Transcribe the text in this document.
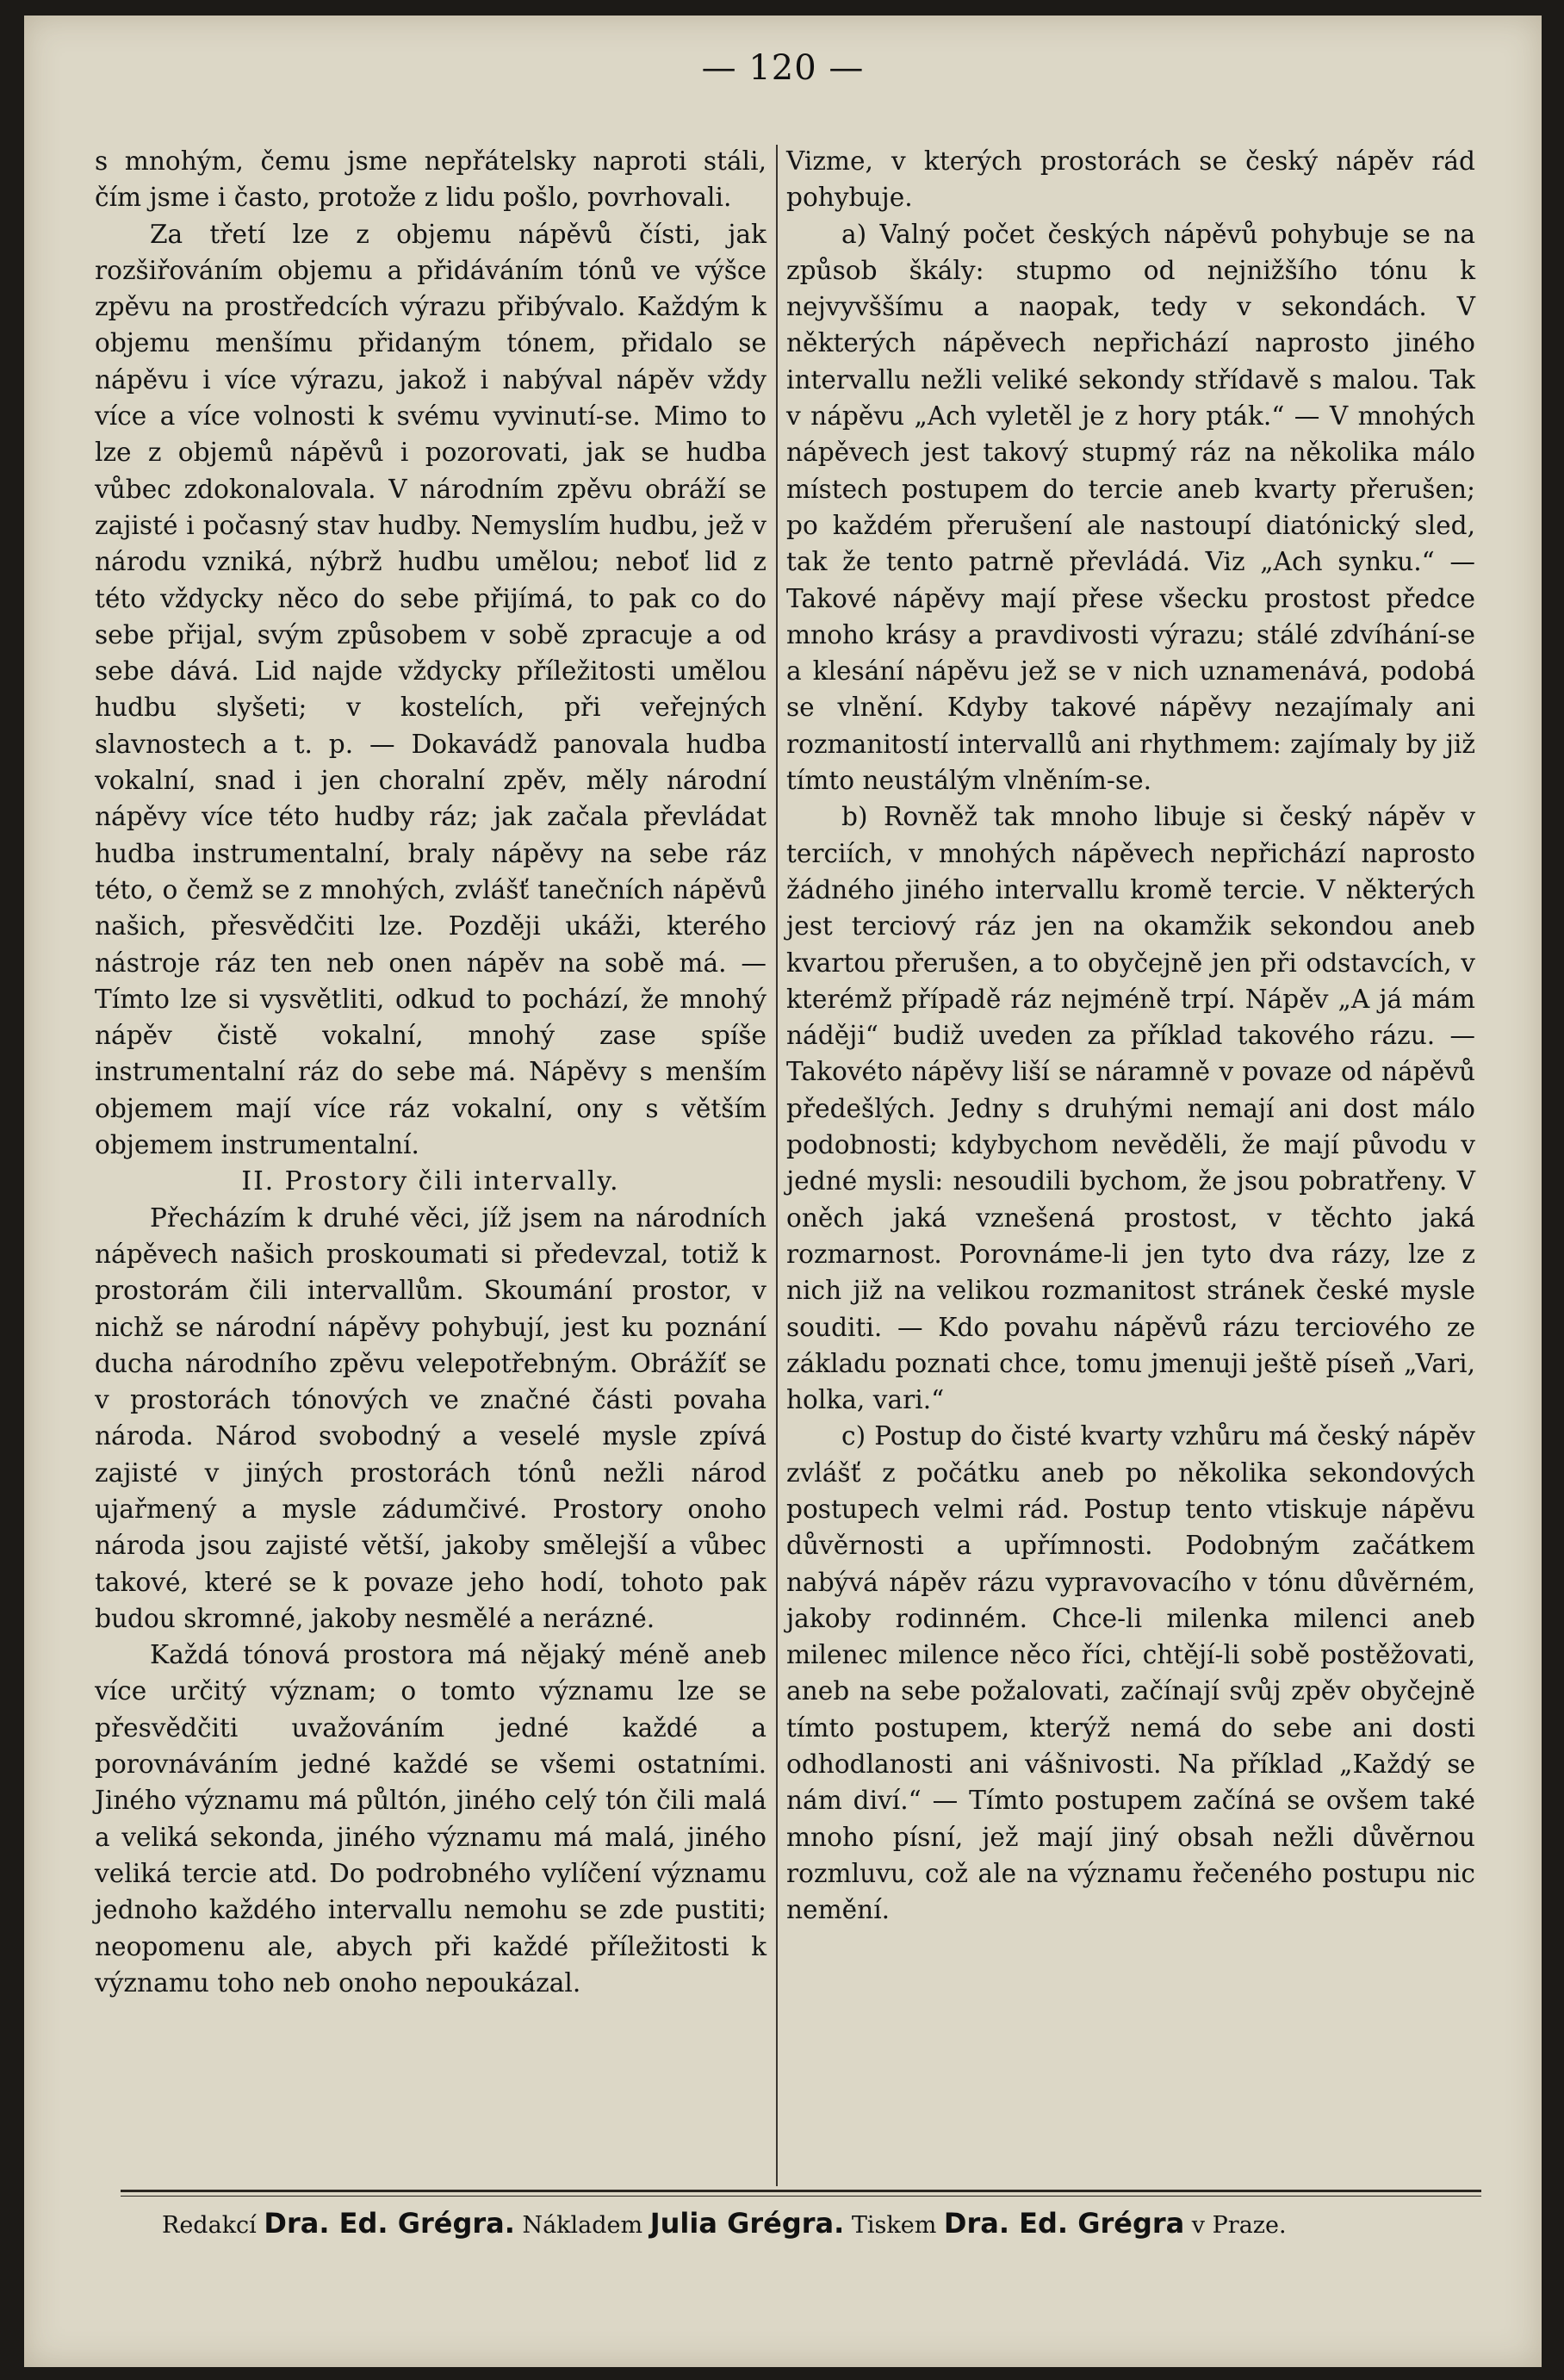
— 120 —

s mnohým, čemu jsme nepřátelsky naproti stáli, čím jsme i často, protože z lidu pošlo, povrhovali.

Za třetí lze z objemu nápěvů čísti, jak rozšiřováním objemu a přidáváním tónů ve výšce zpěvu na prostředcích výrazu přibývalo. Každým k objemu menšímu přidaným tónem, přidalo se nápěvu i více výrazu, jakož i nabýval nápěv vždy více a více volnosti k svému vyvinutí-se. Mimo to lze z objemů nápěvů i pozorovati, jak se hudba vůbec zdokonalovala. V národním zpěvu obráží se zajisté i počasný stav hudby. Nemyslím hudbu, jež v národu vzniká, nýbrž hudbu umělou; neboť lid z této vždycky něco do sebe přijímá, to pak co do sebe přijal, svým způsobem v sobě zpracuje a od sebe dává. Lid najde vždycky příležitosti umělou hudbu slyšeti; v kostelích, při veřejných slavnostech a t. p. — Dokavádž panovala hudba vokalní, snad i jen choralní zpěv, měly národní nápěvy více této hudby ráz; jak začala převládat hudba instrumentalní, braly nápěvy na sebe ráz této, o čemž se z mnohých, zvlášť tanečních nápěvů našich, přesvědčiti lze. Později ukáži, kterého nástroje ráz ten neb onen nápěv na sobě má. — Tímto lze si vysvětliti, odkud to pochází, že mnohý nápěv čistě vokalní, mnohý zase spíše instrumentalní ráz do sebe má. Nápěvy s menším objemem mají více ráz vokalní, ony s větším objemem instrumentalní.

II. Prostory čili intervally.

Přecházím k druhé věci, jíž jsem na národních nápěvech našich proskoumati si předevzal, totiž k prostorám čili intervallům. Skoumání prostor, v nichž se národní nápěvy pohybují, jest ku poznání ducha národního zpěvu velepotřebným. Obrážíť se v prostorách tónových ve značné části povaha národa. Národ svobodný a veselé mysle zpívá zajisté v jiných prostorách tónů nežli národ ujařmený a mysle zádumčivé. Prostory onoho národa jsou zajisté větší, jakoby smělejší a vůbec takové, které se k povaze jeho hodí, tohoto pak budou skromné, jakoby nesmělé a nerázné.

Každá tónová prostora má nějaký méně aneb více určitý význam; o tomto významu lze se přesvědčiti uvažováním jedné každé a porovnáváním jedné každé se všemi ostatními. Jiného významu má půltón, jiného celý tón čili malá a veliká sekonda, jiného významu má malá, jiného veliká tercie atd. Do podrobného vylíčení významu jednoho každého intervallu nemohu se zde pustiti; neopomenu ale, abych při každé příležitosti k významu toho neb onoho nepoukázal.

Vizme, v kterých prostorách se český nápěv rád pohybuje.

a) Valný počet českých nápěvů pohybuje se na způsob škály: stupmo od nejnižšího tónu k nejvyvššímu a naopak, tedy v sekondách. V některých nápěvech nepřichází naprosto jiného intervallu nežli veliké sekondy střídavě s malou. Tak v nápěvu „Ach vyletěl je z hory pták.“ — V mnohých nápěvech jest takový stupmý ráz na několika málo místech postupem do tercie aneb kvarty přerušen; po každém přerušení ale nastoupí diatónický sled, tak že tento patrně převládá. Viz „Ach synku.“ — Takové nápěvy mají přese všecku prostost předce mnoho krásy a pravdivosti výrazu; stálé zdvíhání-se a klesání nápěvu jež se v nich uznamenává, podobá se vlnění. Kdyby takové nápěvy nezajímaly ani rozmanitostí intervallů ani rhythmem: zajímaly by již tímto neustálým vlněním-se.

b) Rovněž tak mnoho libuje si český nápěv v terciích, v mnohých nápěvech nepřichází naprosto žádného jiného intervallu kromě tercie. V některých jest terciový ráz jen na okamžik sekondou aneb kvartou přerušen, a to obyčejně jen při odstavcích, v kterémž případě ráz nejméně trpí. Nápěv „A já mám náději“ budiž uveden za příklad takového rázu. — Takovéto nápěvy liší se náramně v povaze od nápěvů předešlých. Jedny s druhými nemají ani dost málo podobnosti; kdybychom nevěděli, že mají původu v jedné mysli: nesoudili bychom, že jsou pobratřeny. V oněch jaká vznešená prostost, v těchto jaká rozmarnost. Porovnáme-li jen tyto dva rázy, lze z nich již na velikou rozmanitost stránek české mysle souditi. — Kdo povahu nápěvů rázu terciového ze základu poznati chce, tomu jmenuji ještě píseň „Vari, holka, vari.“

c) Postup do čisté kvarty vzhůru má český nápěv zvlášť z počátku aneb po několika sekondových postupech velmi rád. Postup tento vtiskuje nápěvu důvěrnosti a upřímnosti. Podobným začátkem nabývá nápěv rázu vypravovacího v tónu důvěrném, jakoby rodinném. Chce-li milenka milenci aneb milenec milence něco říci, chtějí-li sobě postěžovati, aneb na sebe požalovati, začínají svůj zpěv obyčejně tímto postupem, kterýž nemá do sebe ani dosti odhodlanosti ani vášnivosti. Na příklad „Každý se nám diví.“ — Tímto postupem začíná se ovšem také mnoho písní, jež mají jiný obsah nežli důvěrnou rozmluvu, což ale na významu řečeného postupu nic nemění.

Redakcí Dra. Ed. Grégra. Nákladem Julia Grégra. Tiskem Dra. Ed. Grégra v Praze.
